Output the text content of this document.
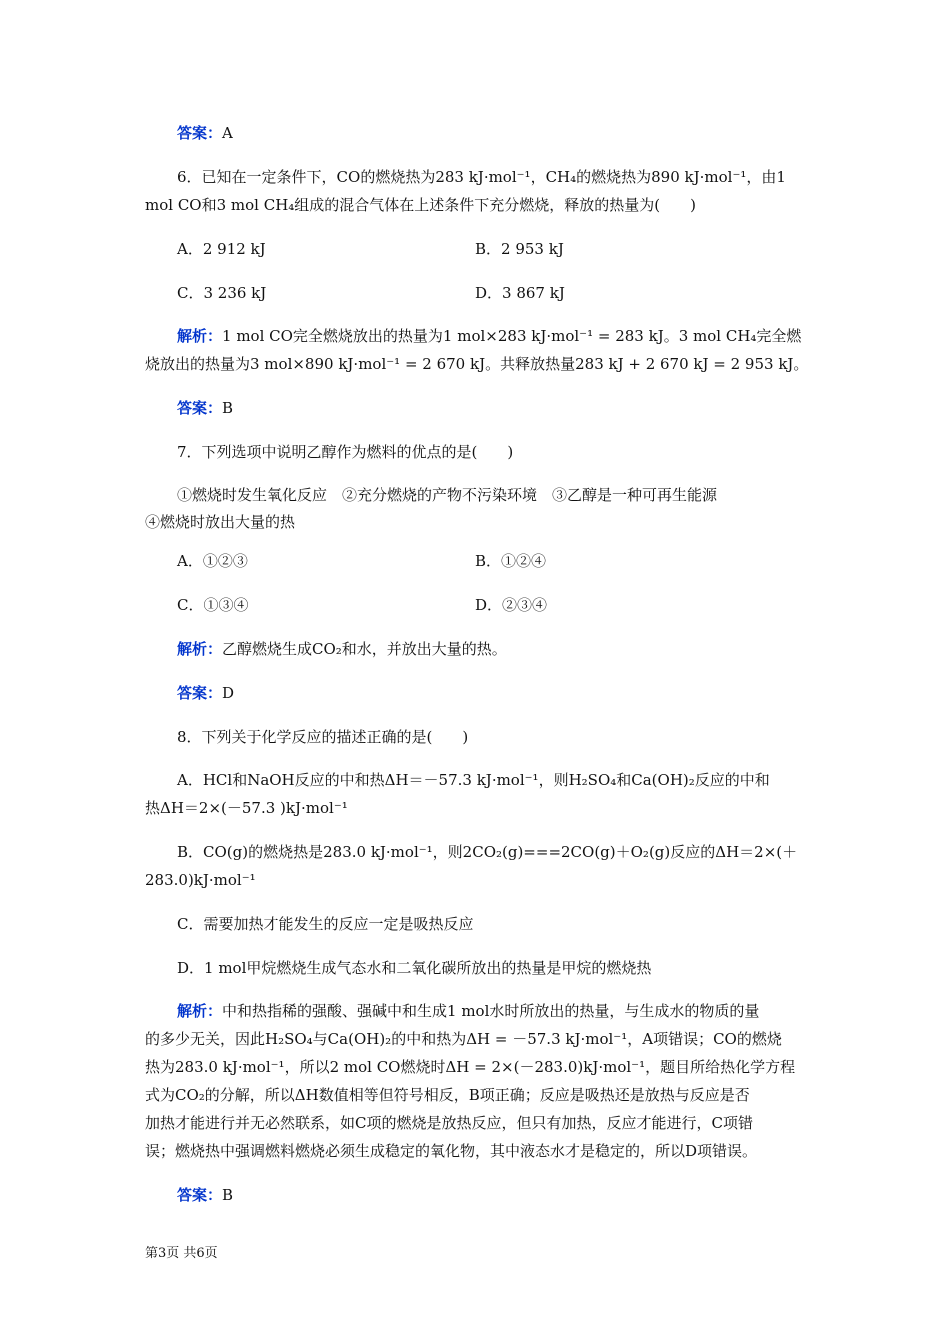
答案：A
6．已知在一定条件下，CO的燃烧热为283 kJ·mol⁻¹，CH₄的燃烧热为890 kJ·mol⁻¹，由1
mol CO和3 mol CH₄组成的混合气体在上述条件下充分燃烧，释放的热量为(　　)
A．2 912 kJ	B．2 953 kJ
C．3 236 kJ	D．3 867 kJ
解析：1 mol CO完全燃烧放出的热量为1 mol×283 kJ·mol⁻¹ = 283 kJ。3 mol CH₄完全燃
烧放出的热量为3 mol×890 kJ·mol⁻¹ = 2 670 kJ。共释放热量283 kJ + 2 670 kJ = 2 953 kJ。
答案：B
7．下列选项中说明乙醇作为燃料的优点的是(　　)
①燃烧时发生氧化反应　②充分燃烧的产物不污染环境　③乙醇是一种可再生能源
④燃烧时放出大量的热
A．①②③	B．①②④
C．①③④	D．②③④
解析：乙醇燃烧生成CO₂和水，并放出大量的热。
答案：D
8．下列关于化学反应的描述正确的是(　　)
A．HCl和NaOH反应的中和热ΔH＝－57.3 kJ·mol⁻¹，则H₂SO₄和Ca(OH)₂反应的中和
热ΔH＝2×(－57.3 )kJ·mol⁻¹
B．CO(g)的燃烧热是283.0 kJ·mol⁻¹，则2CO₂(g)===2CO(g)＋O₂(g)反应的ΔH＝2×(＋
283.0)kJ·mol⁻¹
C．需要加热才能发生的反应一定是吸热反应
D．1 mol甲烷燃烧生成气态水和二氧化碳所放出的热量是甲烷的燃烧热
解析：中和热指稀的强酸、强碱中和生成1 mol水时所放出的热量，与生成水的物质的量
的多少无关，因此H₂SO₄与Ca(OH)₂的中和热为ΔH = －57.3 kJ·mol⁻¹，A项错误；CO的燃烧
热为283.0 kJ·mol⁻¹，所以2 mol CO燃烧时ΔH = 2×(－283.0)kJ·mol⁻¹，题目所给热化学方程
式为CO₂的分解，所以ΔH数值相等但符号相反，B项正确；反应是吸热还是放热与反应是否
加热才能进行并无必然联系，如C项的燃烧是放热反应，但只有加热，反应才能进行，C项错
误；燃烧热中强调燃料燃烧必须生成稳定的氧化物，其中液态水才是稳定的，所以D项错误。
答案：B
第3页 共6页
